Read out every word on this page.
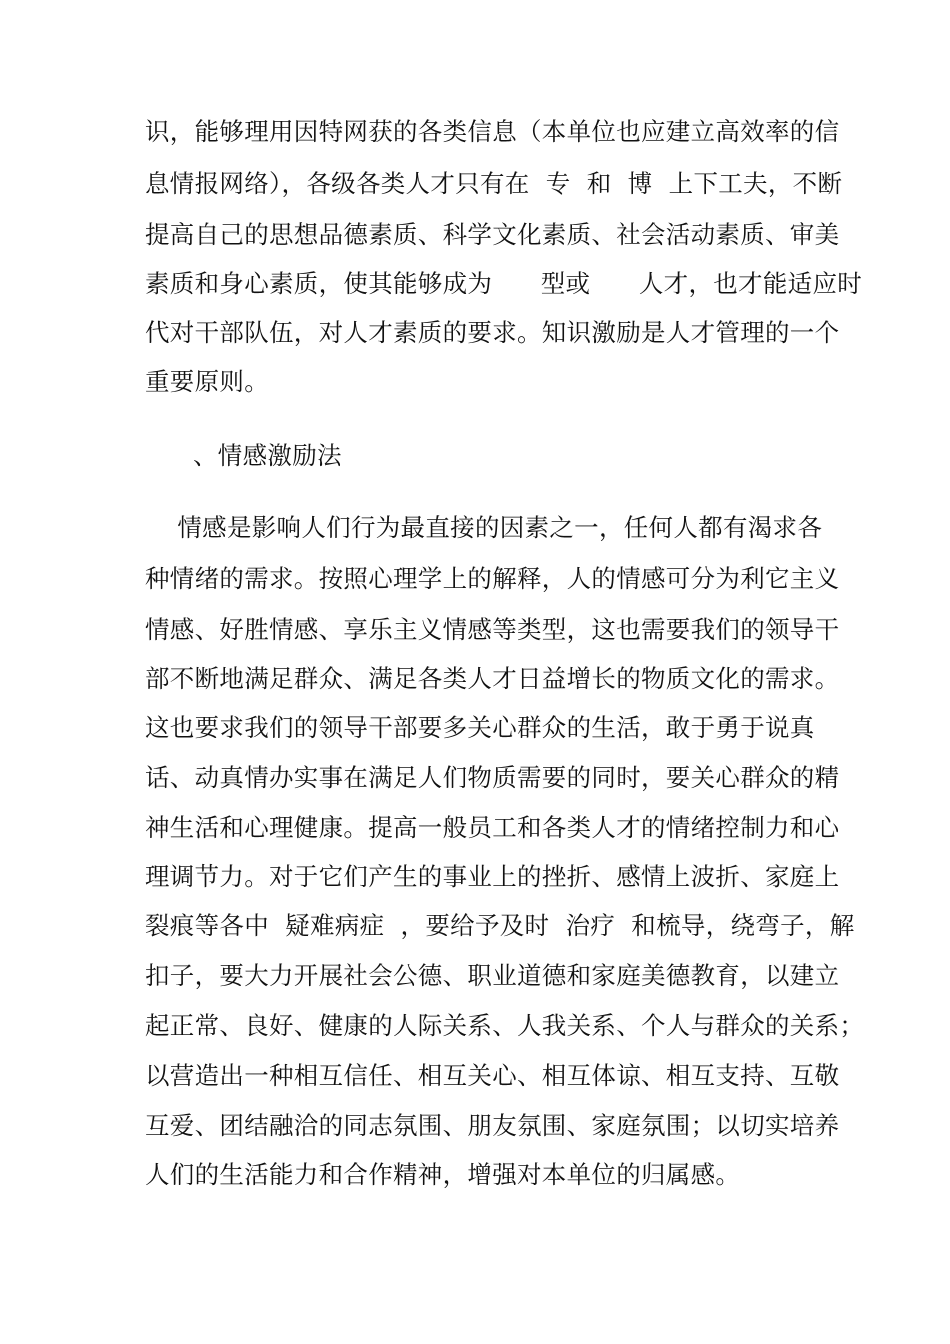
识，能够理用因特网获的各类信息（本单位也应建立高效率的信
息情报网络），各级各类人才只有在  专  和  博  上下工夫，不断
提高自己的思想品德素质、科学文化素质、社会活动素质、审美
素质和身心素质，使其能够成为      型或      人才，也才能适应时
代对干部队伍，对人才素质的要求。知识激励是人才管理的一个
重要原则。
、情感激励法
情感是影响人们行为最直接的因素之一，任何人都有渴求各
种情绪的需求。按照心理学上的解释，人的情感可分为利它主义
情感、好胜情感、享乐主义情感等类型，这也需要我们的领导干
部不断地满足群众、满足各类人才日益增长的物质文化的需求。
这也要求我们的领导干部要多关心群众的生活，敢于勇于说真
话、动真情办实事在满足人们物质需要的同时，要关心群众的精
神生活和心理健康。提高一般员工和各类人才的情绪控制力和心
理调节力。对于它们产生的事业上的挫折、感情上波折、家庭上
裂痕等各中  疑难病症  ，要给予及时  治疗  和梳导，绕弯子，解
扣子，要大力开展社会公德、职业道德和家庭美德教育，以建立
起正常、良好、健康的人际关系、人我关系、个人与群众的关系；
以营造出一种相互信任、相互关心、相互体谅、相互支持、互敬
互爱、团结融洽的同志氛围、朋友氛围、家庭氛围；以切实培养
人们的生活能力和合作精神，增强对本单位的归属感。
